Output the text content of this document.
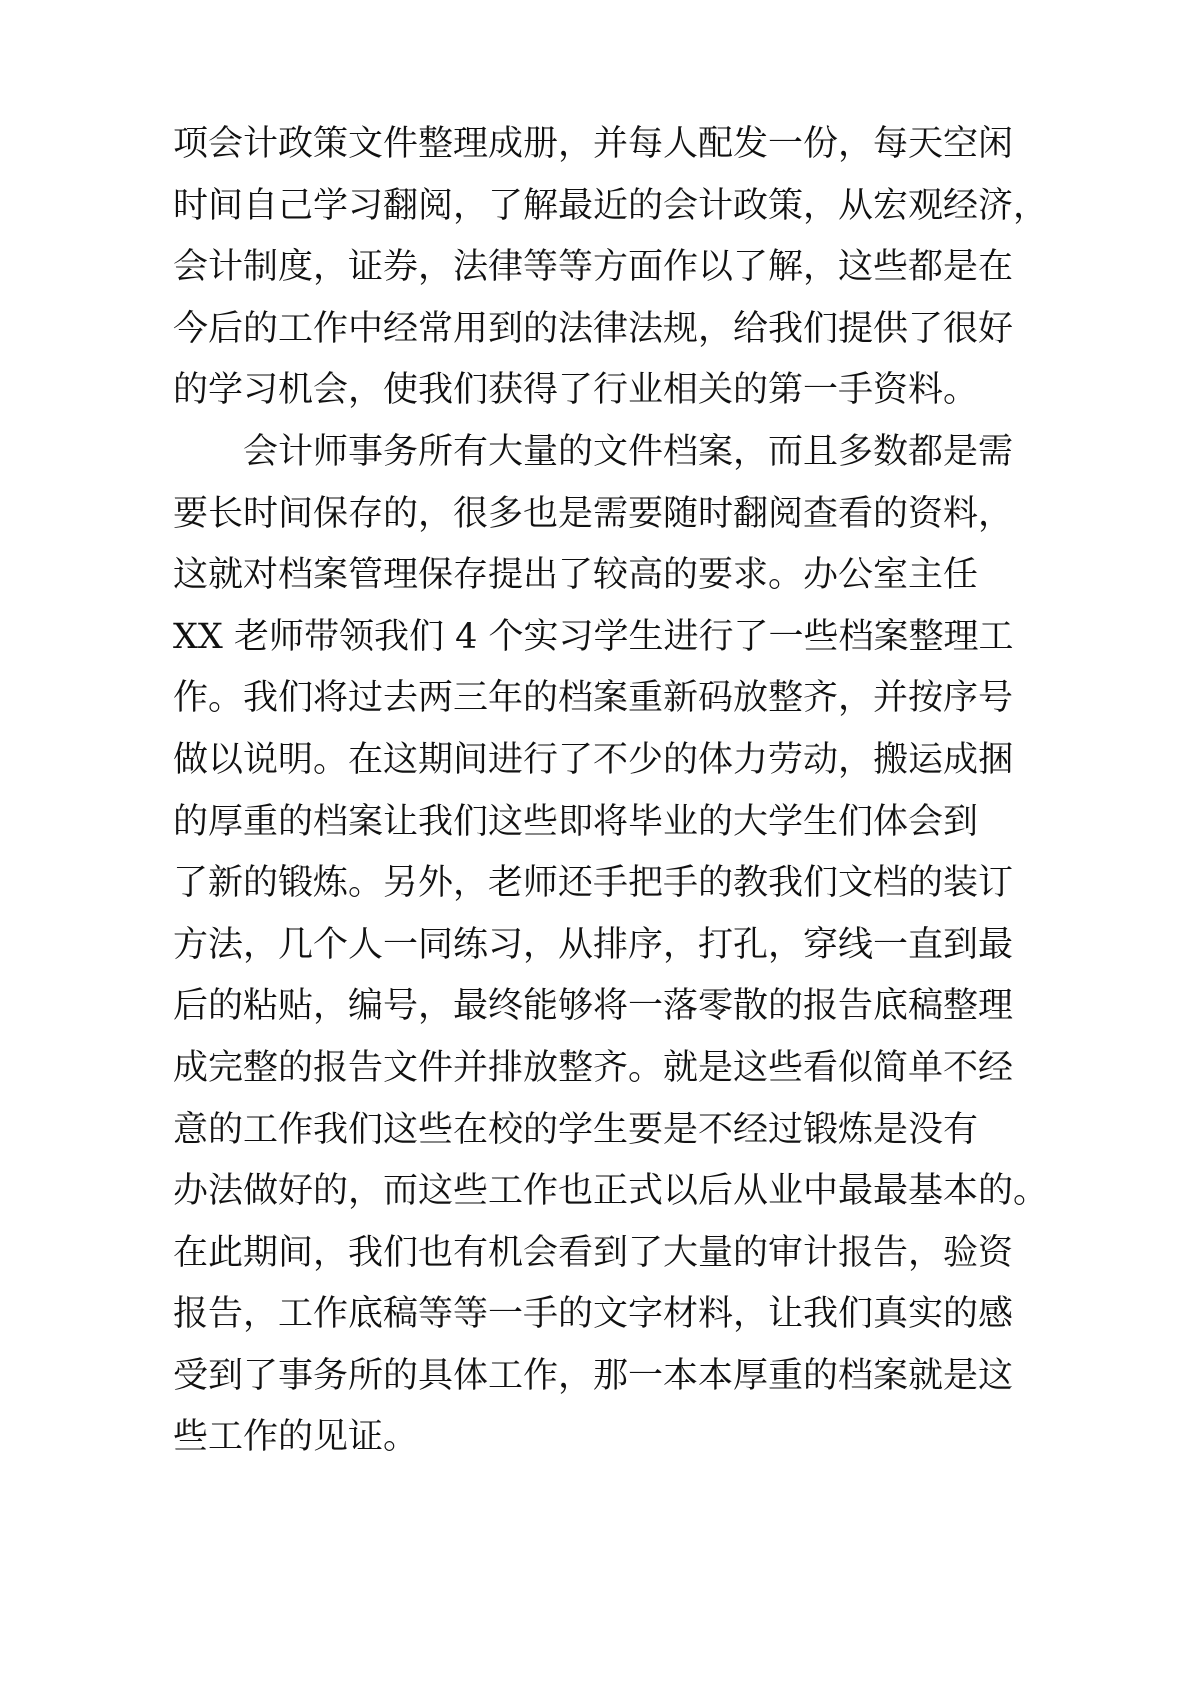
项会计政策文件整理成册，并每人配发一份，每天空闲
时间自己学习翻阅，了解最近的会计政策，从宏观经济，
会计制度，证券，法律等等方面作以了解，这些都是在
今后的工作中经常用到的法律法规，给我们提供了很好
的学习机会，使我们获得了行业相关的第一手资料。
会计师事务所有大量的文件档案，而且多数都是需
要长时间保存的，很多也是需要随时翻阅查看的资料，
这就对档案管理保存提出了较高的要求。办公室主任
XX 老师带领我们 4 个实习学生进行了一些档案整理工
作。我们将过去两三年的档案重新码放整齐，并按序号
做以说明。在这期间进行了不少的体力劳动，搬运成捆
的厚重的档案让我们这些即将毕业的大学生们体会到
了新的锻炼。另外，老师还手把手的教我们文档的装订
方法，几个人一同练习，从排序，打孔，穿线一直到最
后的粘贴，编号，最终能够将一落零散的报告底稿整理
成完整的报告文件并排放整齐。就是这些看似简单不经
意的工作我们这些在校的学生要是不经过锻炼是没有
办法做好的，而这些工作也正式以后从业中最最基本的。
在此期间，我们也有机会看到了大量的审计报告，验资
报告，工作底稿等等一手的文字材料，让我们真实的感
受到了事务所的具体工作，那一本本厚重的档案就是这
些工作的见证。
